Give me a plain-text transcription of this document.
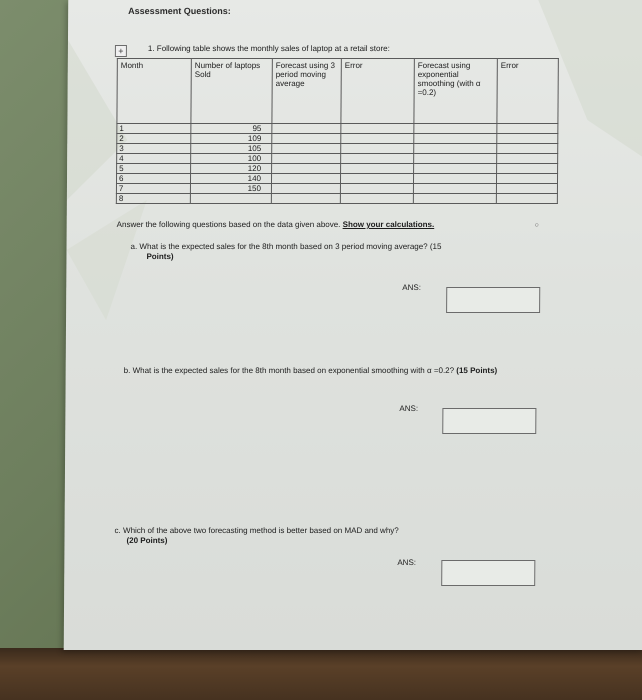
Assessment Questions:
+	1. Following table shows the monthly sales of laptop at a retail store:
Month	Number of laptops Sold	Forecast using 3 period moving average	Error	Forecast using exponential smoothing (with α =0.2)	Error
1	95				
2	109				
3	105				
4	100				
5	120				
6	140				
7	150				
8					
○
Answer the following questions based on the data given above. Show your calculations.
a. What is the expected sales for the 8th month based on 3 period moving average? (15
Points)
ANS:
b. What is the expected sales for the 8th month based on exponential smoothing with α =0.2? (15 Points)
ANS:
c. Which of the above two forecasting method is better based on MAD and why?
(20 Points)
ANS:
